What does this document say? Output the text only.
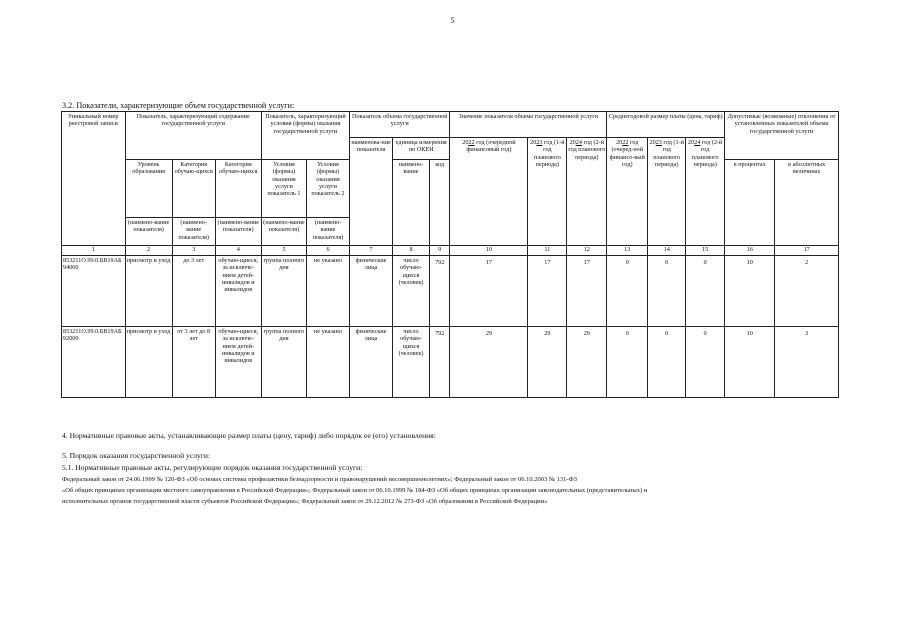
5
3.2. Показатели, характеризующие объем государственной услуги:
Уникальный номер реестровой записи	Показатель, характеризующий содержание государственной услуги			Показатель, характеризующий условия (формы) оказания государственной услуги		Показатель объема государственной услуги			Значение показателя объема государственной услуги			Среднегодовой размер платы (цена, тариф)			Допустимые (возможные) отклонения от установленных показателей объема государственной услуги	
						наименова-ние показателя	единица измерения по ОКЕИ		2022 год (очередной финансовый год)	2023 год (1-й год планового периода)	2024 год (2-й год планового периода)	2022 год (очеред-ной финансо-вый год)	2023 год (1-й год планового периода)	2024 год (2-й год планового периода)		
	Уровень образования	Категория обучаю-щихся	Категория обучаю-щихся	Условия (формы) оказания услуги показатель 1	Условия (формы) оказания услуги показатель 2		наимено-вание	код							в процентах	в абсолютных величинах
	(наимено-вание показателя)	(наимено-вание показателя)	(наимено-вание показателя)	(наимено-вание показателя)	(наимено-вание показателя)											
1	2	3	4	5	6	7	8	9	10	11	12	13	14	15	16	17
853211О.99.0.БВ19АБ94000	присмотр и уход	до 3 лет	обучаю-щиеся, за исключе-нием детей-инвалидов и инвалидов	группа полного дня	не указано	физические лица	число обучаю-щихся (человек)	792	17	17	17	0	0	0	10	2
853211О.99.0.БВ19АБ92000	присмотр и уход	от 3 лет до 8 лет	обучаю-щиеся, за исключе-нием детей-инвалидов и инвалидов	группа полного дня	не указано	физические лица	число обучаю-щихся (человек)	792	29	29	29	0	0	0	10	3
4. Нормативные правовые акты, устанавливающие размер платы (цену, тариф) либо порядок ее (его) установления:
5. Порядок оказания государственной услуги:
5.1. Нормативные правовые акты, регулирующие порядок оказания государственной услуги:
Федеральный закон от 24.06.1999 № 120-ФЗ «Об основах системы профилактики безнадзорности и правонарушений несовершеннолетних»; Федеральный закон от 06.10.2003 № 131-ФЗ
«Об общих принципах организации местного самоуправления в Российской Федерации»; Федеральный закон от 06.10.1999 № 184-ФЗ «Об общих принципах организации законодательных (представительных) и
исполнительных органов государственной власти субъектов Российской Федерации»; Федеральный закон от 29.12.2012 № 273-ФЗ «Об образовании в Российской Федерации»
